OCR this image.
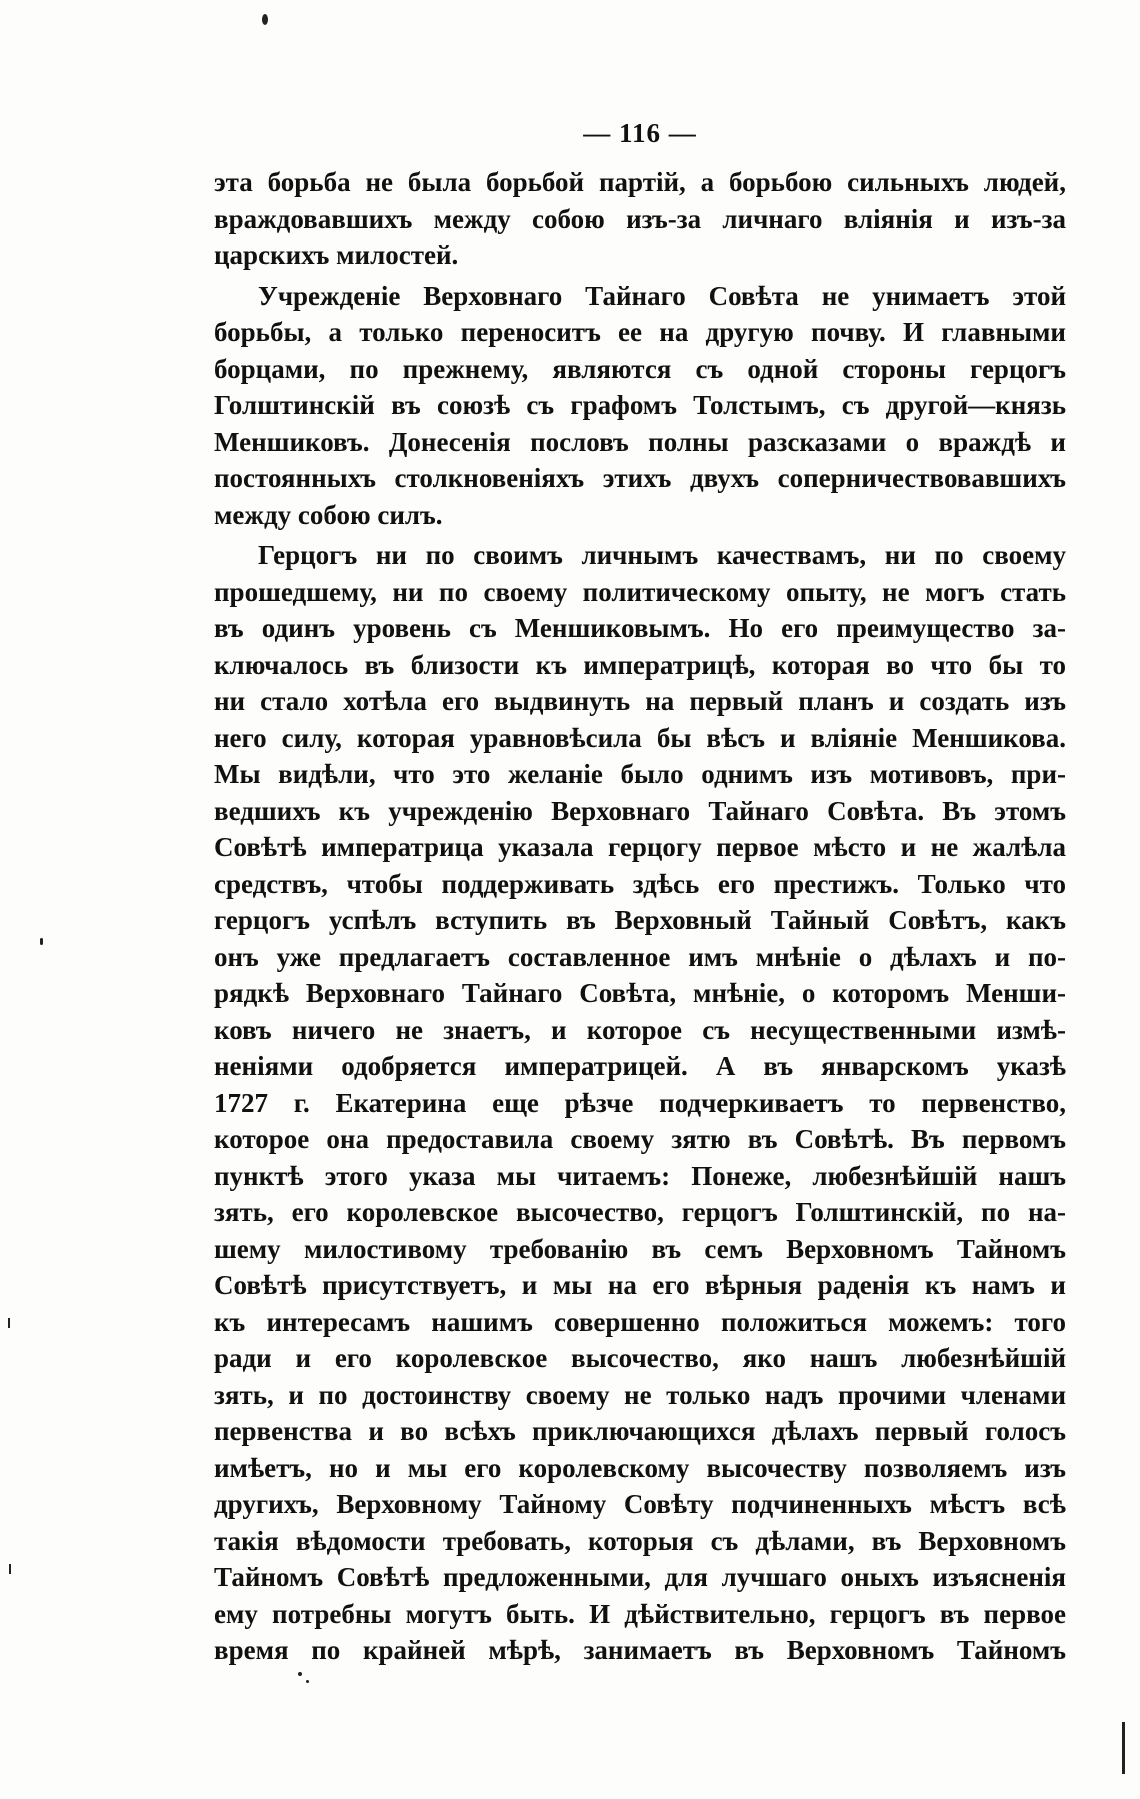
— 116 —
эта борьба не была борьбой партій, а борьбою сильныхъ людей,
враждовавшихъ между собою изъ-за личнаго вліянія и изъ-за
царскихъ милостей.
Учрежденіе Верховнаго Тайнаго Совѣта не унимаетъ этой
борьбы, а только переноситъ ее на другую почву. И главными
борцами, по прежнему, являются съ одной стороны герцогъ
Голштинскій въ союзѣ съ графомъ Толстымъ, съ другой—князь
Меншиковъ. Донесенія пословъ полны разсказами о враждѣ и
постоянныхъ столкновеніяхъ этихъ двухъ соперничествовавшихъ
между собою силъ.
Герцогъ ни по своимъ личнымъ качествамъ, ни по своему
прошедшему, ни по своему политическому опыту, не могъ стать
въ одинъ уровень съ Меншиковымъ. Но его преимущество за-
ключалось въ близости къ императрицѣ, которая во что бы то
ни стало хотѣла его выдвинуть на первый планъ и создать изъ
него силу, которая уравновѣсила бы вѣсъ и вліяніе Меншикова.
Мы видѣли, что это желаніе было однимъ изъ мотивовъ, при-
ведшихъ къ учрежденію Верховнаго Тайнаго Совѣта. Въ этомъ
Совѣтѣ императрица указала герцогу первое мѣсто и не жалѣла
средствъ, чтобы поддерживать здѣсь его престижъ. Только что
герцогъ успѣлъ вступить въ Верховный Тайный Совѣтъ, какъ
онъ уже предлагаетъ составленное имъ мнѣніе о дѣлахъ и по-
рядкѣ Верховнаго Тайнаго Совѣта, мнѣніе, о которомъ Менши-
ковъ ничего не знаетъ, и которое съ несущественными измѣ-
неніями одобряется императрицей. А въ январскомъ указѣ
1727 г. Екатерина еще рѣзче подчеркиваетъ то первенство,
которое она предоставила своему зятю въ Совѣтѣ. Въ первомъ
пунктѣ этого указа мы читаемъ: Понеже, любезнѣйшій нашъ
зять, его королевское высочество, герцогъ Голштинскій, по на-
шему милостивому требованію въ семъ Верховномъ Тайномъ
Совѣтѣ присутствуетъ, и мы на его вѣрныя раденія къ намъ и
къ интересамъ нашимъ совершенно положиться можемъ: того
ради и его королевское высочество, яко нашъ любезнѣйшій
зять, и по достоинству своему не только надъ прочими членами
первенства и во всѣхъ приключающихся дѣлахъ первый голосъ
имѣетъ, но и мы его королевскому высочеству позволяемъ изъ
другихъ, Верховному Тайному Совѣту подчиненныхъ мѣстъ всѣ
такія вѣдомости требовать, которыя съ дѣлами, въ Верховномъ
Тайномъ Совѣтѣ предложенными, для лучшаго оныхъ изъясненія
ему потребны могутъ быть. И дѣйствительно, герцогъ въ первое
время по крайней мѣрѣ, занимаетъ въ Верховномъ Тайномъ
